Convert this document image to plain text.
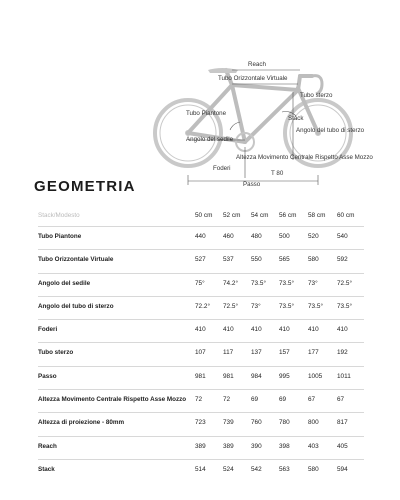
Reach
Tubo Orizzontale Virtuale
Tubo sterzo
Tubo Piantone
Stack
Angolo del tubo di sterzo
Angolo del sedile
Altezza Movimento Centrale Rispetto Asse Mozzo
Foderi
T 80
Passo
GEOMETRIA
Stack/Modesto	50 cm	52 cm	54 cm	56 cm	58 cm	60 cm
Tubo Piantone	440	460	480	500	520	540
Tubo Orizzontale Virtuale	527	537	550	565	580	592
Angolo del sedile	75°	74.2°	73.5°	73.5°	73°	72.5°
Angolo del tubo di sterzo	72.2°	72.5°	73°	73.5°	73.5°	73.5°
Foderi	410	410	410	410	410	410
Tubo sterzo	107	117	137	157	177	192
Passo	981	981	984	995	1005	1011
Altezza Movimento Centrale Rispetto Asse Mozzo 72	72	69	69	67	67
Altezza di proiezione - 80mm	723	739	760	780	800	817
Reach	389	389	390	398	403	405
Stack	514	524	542	563	580	594
